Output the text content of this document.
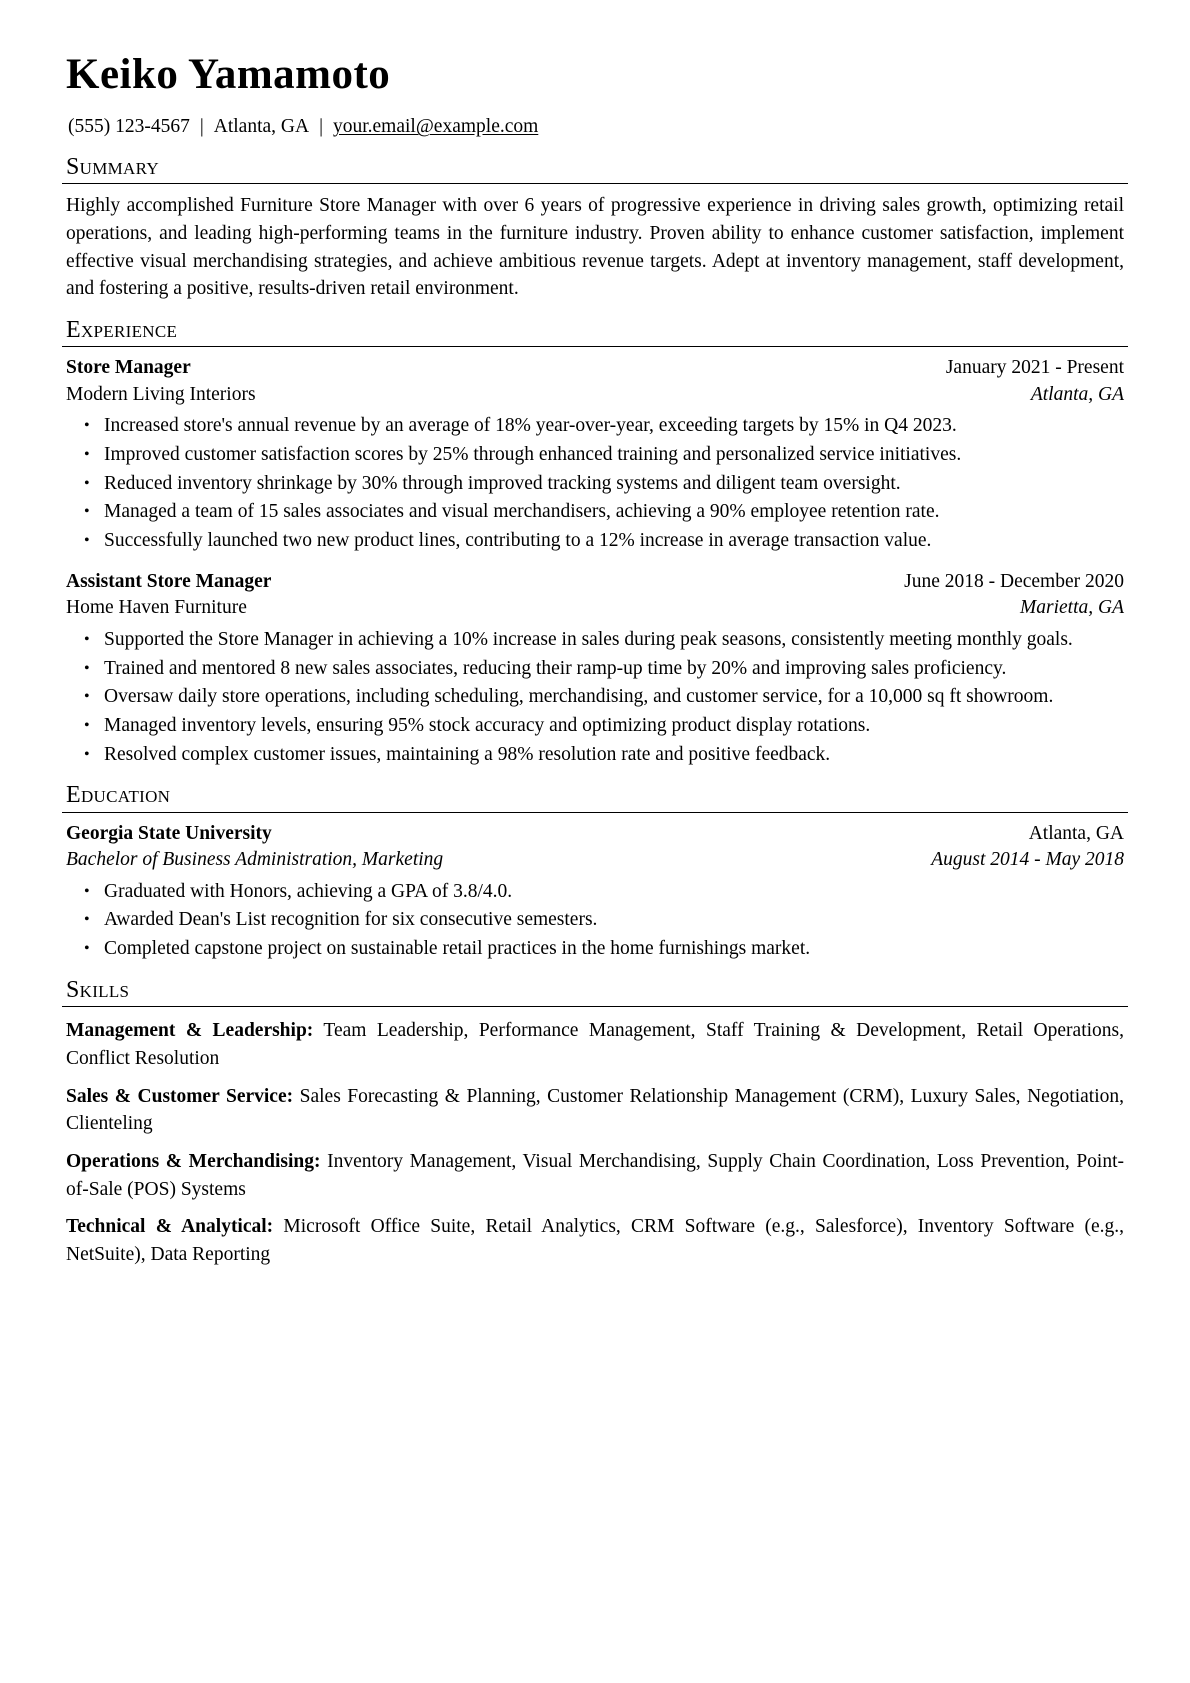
Keiko Yamamoto
(555) 123-4567 | Atlanta, GA | your.email@example.com
Summary

Highly accomplished Furniture Store Manager with over 6 years of progressive experience in driving sales growth, optimizing retail operations, and leading high-performing teams in the furniture industry. Proven ability to enhance customer satisfaction, implement effective visual merchandising strategies, and achieve ambitious revenue targets. Adept at inventory management, staff development, and fostering a positive, results-driven retail environment.

Experience
Store Manager	January 2021 - Present
Modern Living Interiors	Atlanta, GA
• Increased store's annual revenue by an average of 18% year-over-year, exceeding targets by 15% in Q4 2023.
• Improved customer satisfaction scores by 25% through enhanced training and personalized service initiatives.
• Reduced inventory shrinkage by 30% through improved tracking systems and diligent team oversight.
• Managed a team of 15 sales associates and visual merchandisers, achieving a 90% employee retention rate.
• Successfully launched two new product lines, contributing to a 12% increase in average transaction value.
Assistant Store Manager	June 2018 - December 2020
Home Haven Furniture	Marietta, GA
• Supported the Store Manager in achieving a 10% increase in sales during peak seasons, consistently meeting monthly goals.
• Trained and mentored 8 new sales associates, reducing their ramp-up time by 20% and improving sales proficiency.
• Oversaw daily store operations, including scheduling, merchandising, and customer service, for a 10,000 sq ft showroom.
• Managed inventory levels, ensuring 95% stock accuracy and optimizing product display rotations.
• Resolved complex customer issues, maintaining a 98% resolution rate and positive feedback.
Education
Georgia State University	Atlanta, GA
Bachelor of Business Administration, Marketing	August 2014 - May 2018
• Graduated with Honors, achieving a GPA of 3.8/4.0.
• Awarded Dean's List recognition for six consecutive semesters.
• Completed capstone project on sustainable retail practices in the home furnishings market.
Skills

Management & Leadership: Team Leadership, Performance Management, Staff Training & Development, Retail Operations, Conflict Resolution

Sales & Customer Service: Sales Forecasting & Planning, Customer Relationship Management (CRM), Luxury Sales, Negotiation, Clienteling

Operations & Merchandising: Inventory Management, Visual Merchandising, Supply Chain Coordination, Loss Prevention, Point-of-Sale (POS) Systems

Technical & Analytical: Microsoft Office Suite, Retail Analytics, CRM Software (e.g., Salesforce), Inventory Software (e.g., NetSuite), Data Reporting
